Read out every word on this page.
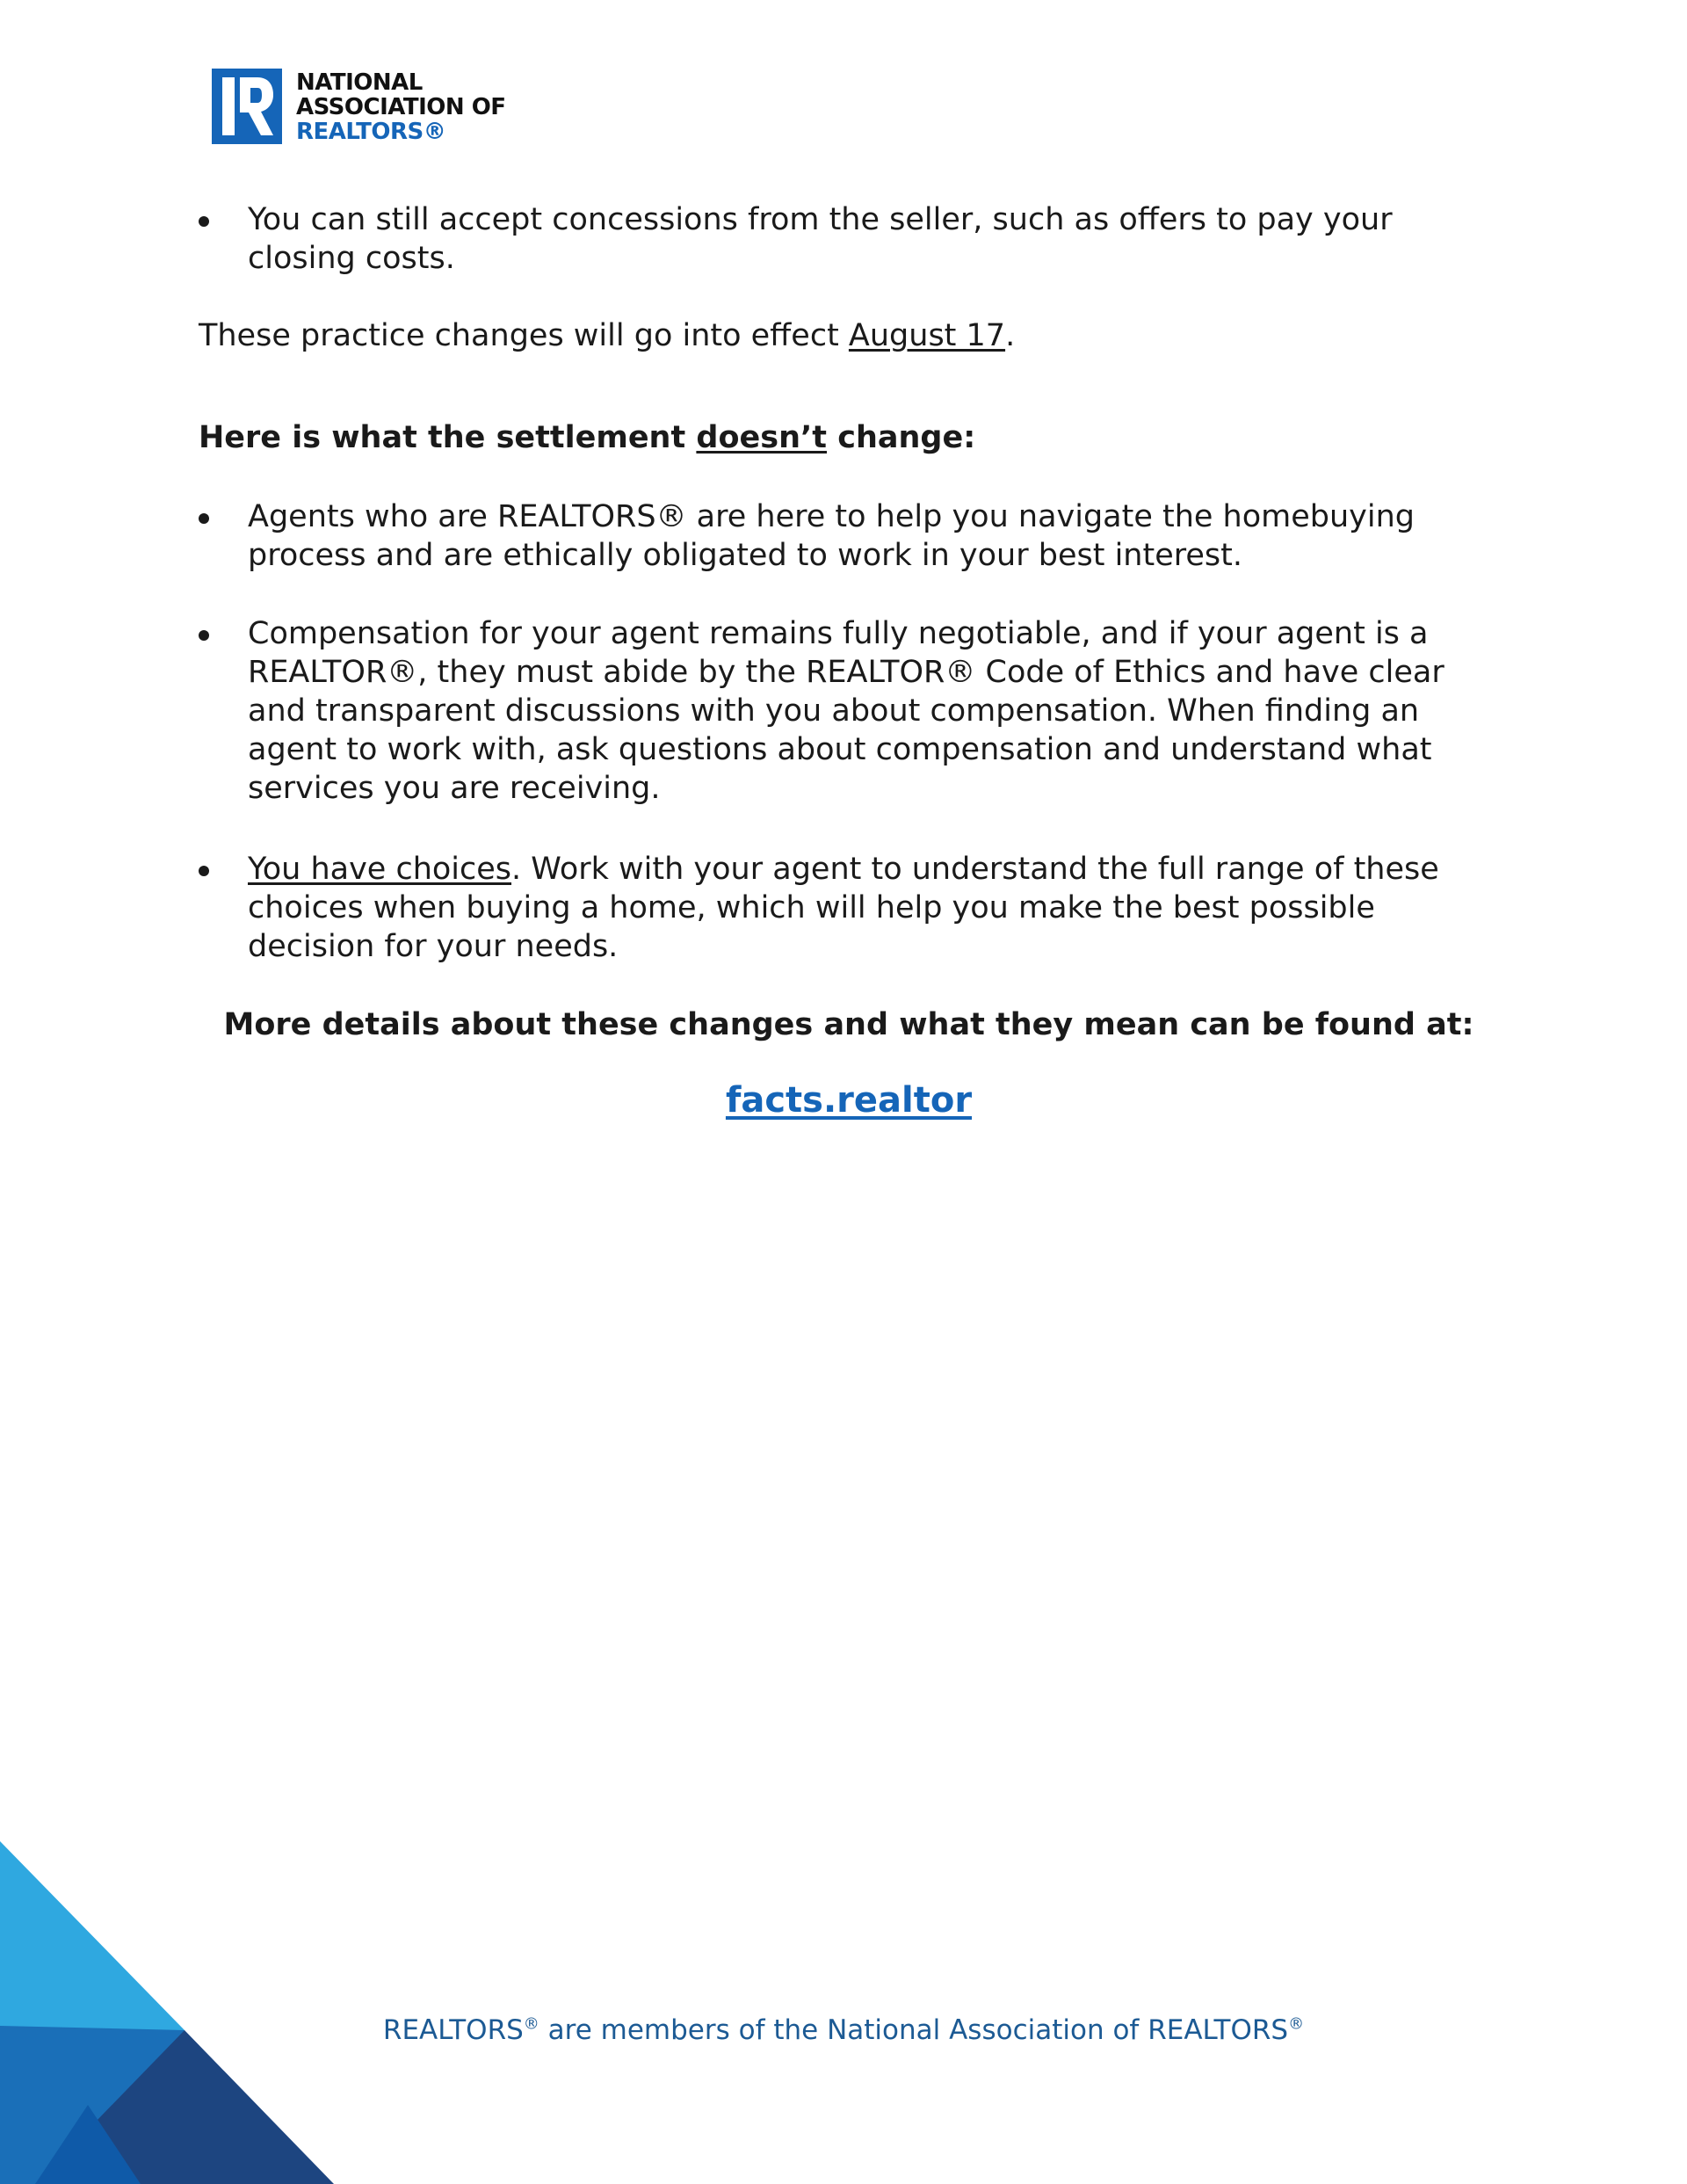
NATIONAL
ASSOCIATION OF
REALTORS®
You can still accept concessions from the seller, such as offers to pay your closing costs.
These practice changes will go into effect August 17.
Here is what the settlement doesn’t change:
Agents who are REALTORS® are here to help you navigate the homebuying process and are ethically obligated to work in your best interest.
Compensation for your agent remains fully negotiable, and if your agent is a REALTOR®, they must abide by the REALTOR® Code of Ethics and have clear and transparent discussions with you about compensation. When finding an agent to work with, ask questions about compensation and understand what services you are receiving.
You have choices. Work with your agent to understand the full range of these choices when buying a home, which will help you make the best possible decision for your needs.
More details about these changes and what they mean can be found at:
facts.realtor
REALTORS® are members of the National Association of REALTORS®
